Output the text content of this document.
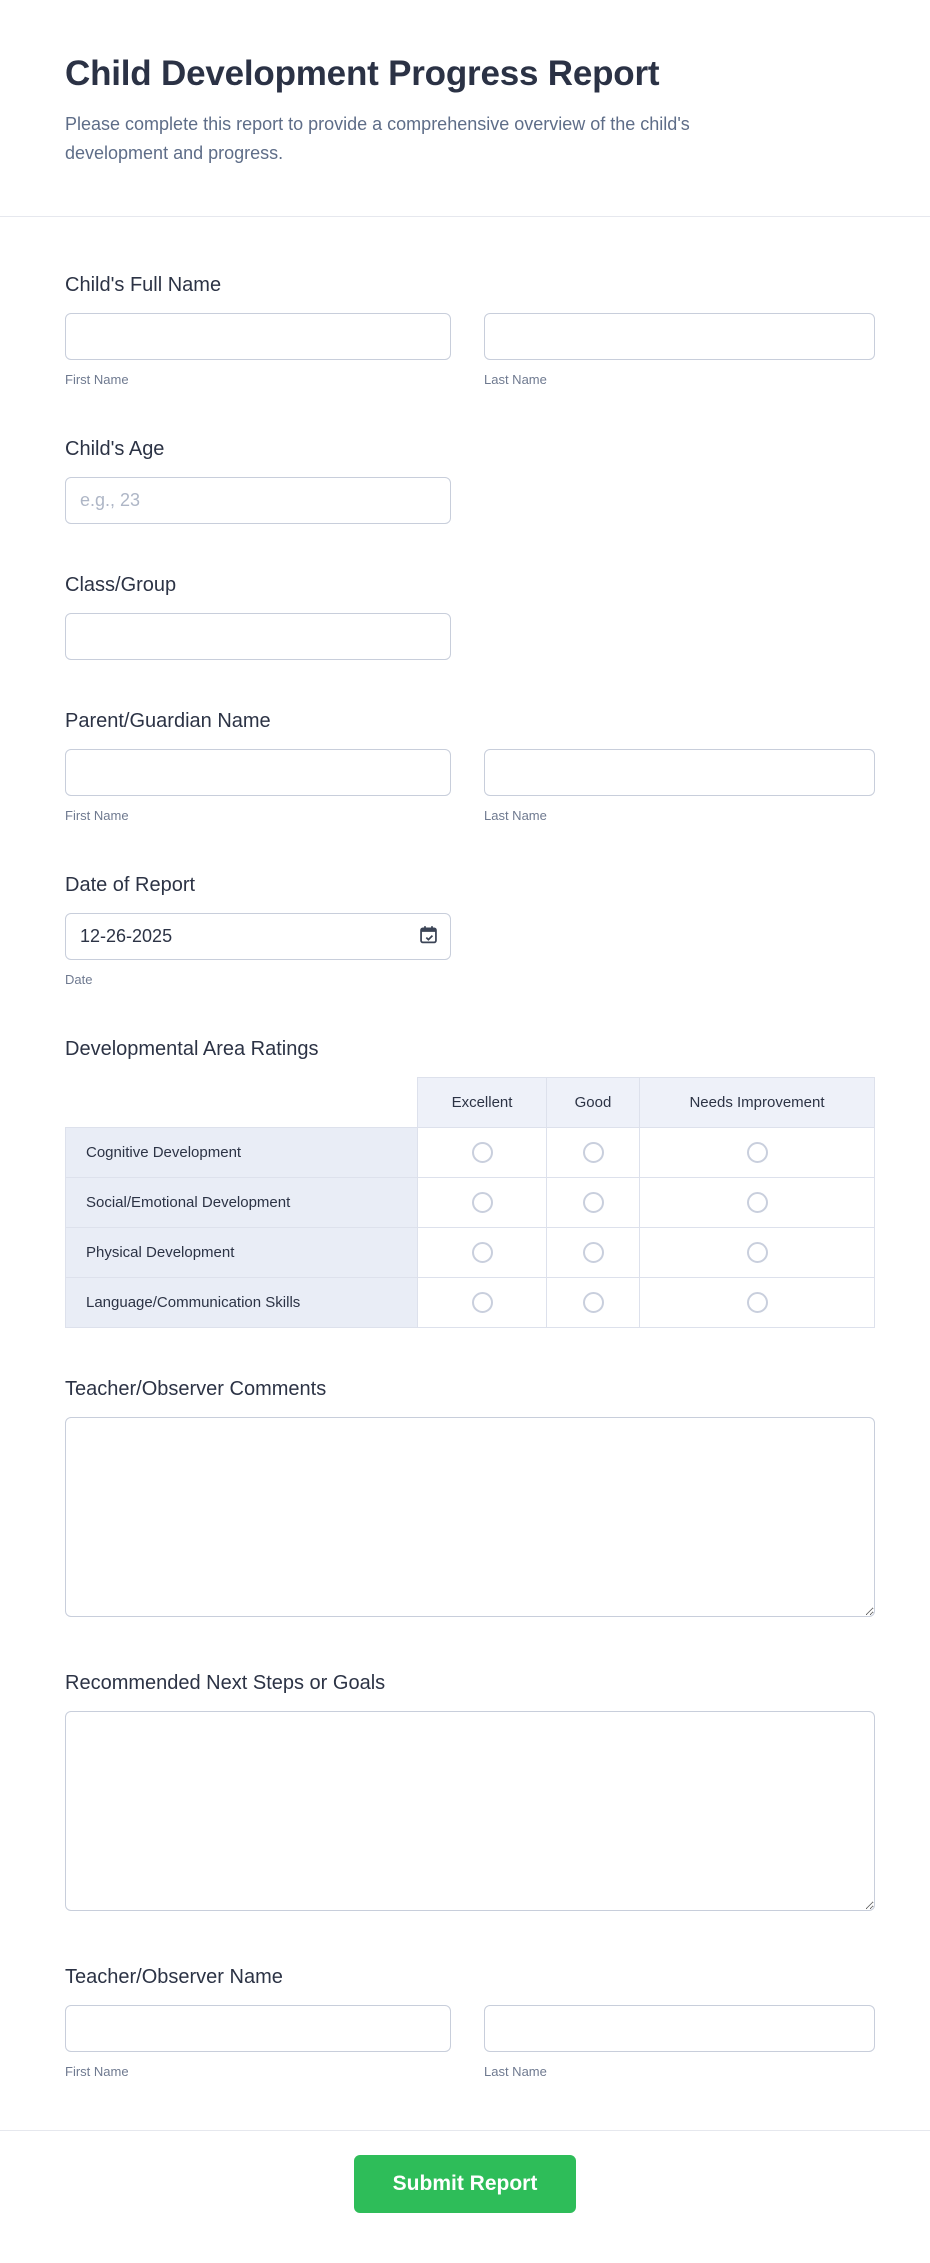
Child Development Progress Report

Please complete this report to provide a comprehensive overview of the child's development and progress.

Child's Full Name
First Name	Last Name
Child's Age
e.g., 23
Class/Group
Parent/Guardian Name
First Name	Last Name
Date of Report
12-26-2025
Date
Developmental Area Ratings
	Excellent	Good	Needs Improvement
Cognitive Development			
Social/Emotional Development			
Physical Development			
Language/Communication Skills			
Teacher/Observer Comments
Recommended Next Steps or Goals
Teacher/Observer Name
First Name	Last Name
Submit Report
